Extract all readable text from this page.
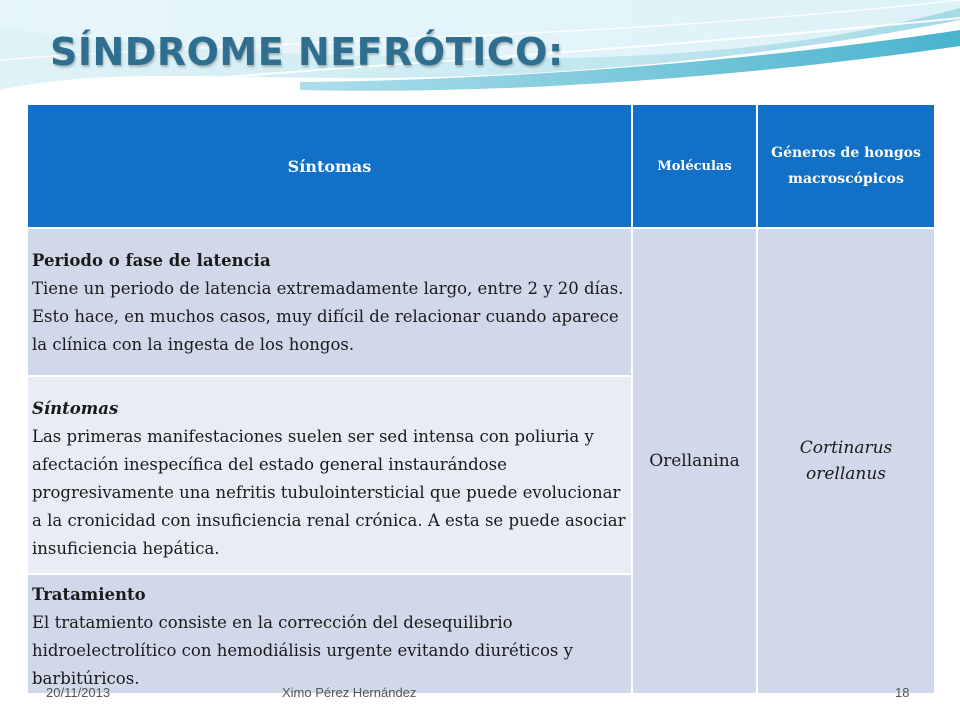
SÍNDROME NEFRÓTICO:
Síntomas	Moléculas	Géneros de hongos macroscópicos

Periodo o fase de latencia
Tiene un periodo de latencia extremadamente largo, entre 2 y 20 días. Esto hace, en muchos casos, muy difícil de relacionar cuando aparece la clínica con la ingesta de los hongos.	Orellanina	Cortinarus orellanus

Síntomas
Las primeras manifestaciones suelen ser sed intensa con poliuria y afectación inespecífica del estado general instaurándose progresivamente una nefritis tubulointersticial que puede evolucionar a la cronicidad con insuficiencia renal crónica. A esta se puede asociar insuficiencia hepática.		

Tratamiento
El tratamiento consiste en la corrección del desequilibrio hidroelectrolítico con hemodiálisis urgente evitando diuréticos y barbitúricos.		
20/11/2013	Ximo Pérez Hernández	18
